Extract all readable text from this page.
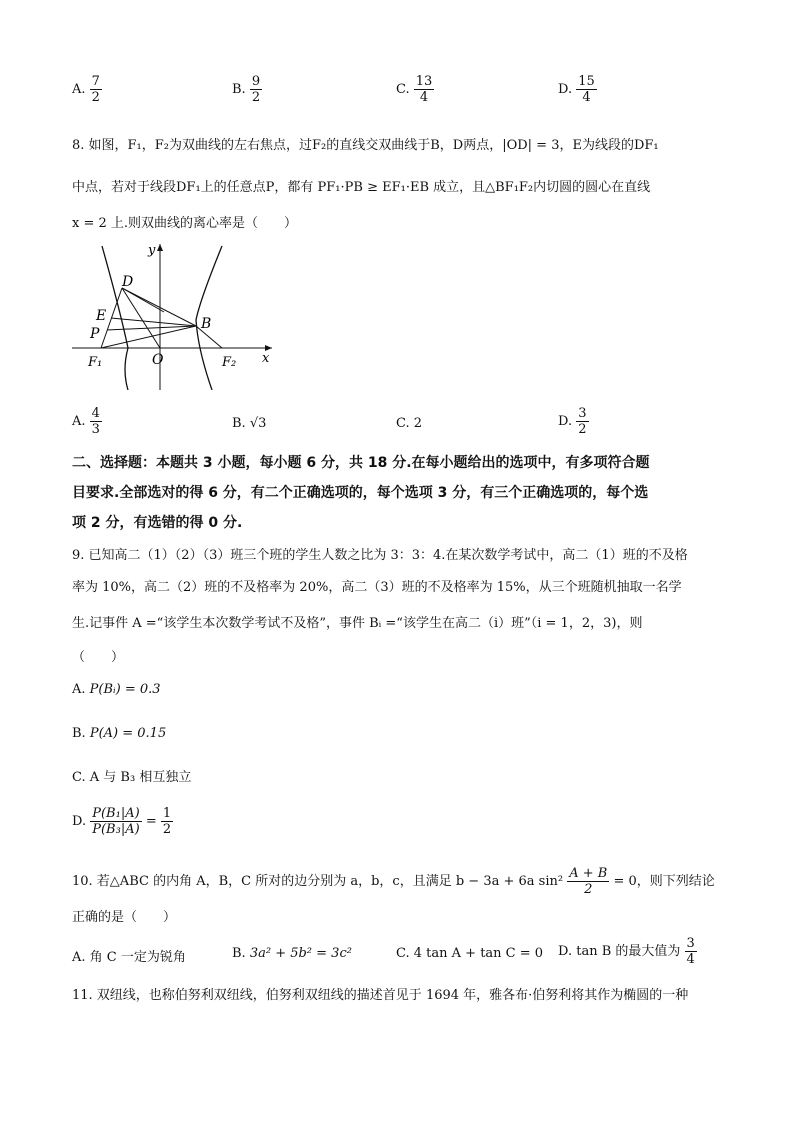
A. $\frac{7}{2}$	B. $\frac{9}{2}$	C. $\frac{13}{4}$	D. $\frac{15}{4}$
8. 如图，F₁，F₂为双曲线的左右焦点，过F₂的直线交双曲线于B，D两点，|OD| = 3，E为线段的DF₁
中点，若对于线段DF₁上的任意点P，都有 PF₁·PB ≥ EF₁·EB 成立，且△BF₁F₂内切圆的圆心在直线
x = 2 上.则双曲线的离心率是（　　）
y
x
D
E
P
B
O
F₁	F₂
A. $\frac{4}{3}$	B. √3	C. 2	D. $\frac{3}{2}$
二、选择题：本题共 3 小题，每小题 6 分，共 18 分.在每小题给出的选项中，有多项符合题
目要求.全部选对的得 6 分，有二个正确选项的，每个选项 3 分，有三个正确选项的，每个选
项 2 分，有选错的得 0 分.
9. 已知高二（1）（2）（3）班三个班的学生人数之比为 3：3：4.在某次数学考试中，高二（1）班的不及格
率为 10%，高二（2）班的不及格率为 20%，高二（3）班的不及格率为 15%，从三个班随机抽取一名学
生.记事件 A =“该学生本次数学考试不及格”，事件 Bᵢ =“该学生在高二（i）班”（i = 1，2，3)，则
（　　）
A. P(Bᵢ) = 0.3
B. P(A) = 0.15
C. A 与 B₃ 相互独立
D. $\frac{\text{P(B₁|A)}}{\text{P(B₃|A)}} = \frac{1}{2}$
10. 若△ABC 的内角 A，B，C 所对的边分别为 a，b，c，且满足 b − 3a + 6a $\sin^2 \frac{A + B}{2} = 0$，则下列结论
正确的是（　　）
A. 角 C 一定为锐角	B. 3a² + 5b² = 3c²	C. 4 tan A + tan C = 0 D. tan B 的最大值为 $\frac{3}{4}$
11. 双纽线，也称伯努利双纽线，伯努利双纽线的描述首见于 1694 年，雅各布·伯努利将其作为椭圆的一种
